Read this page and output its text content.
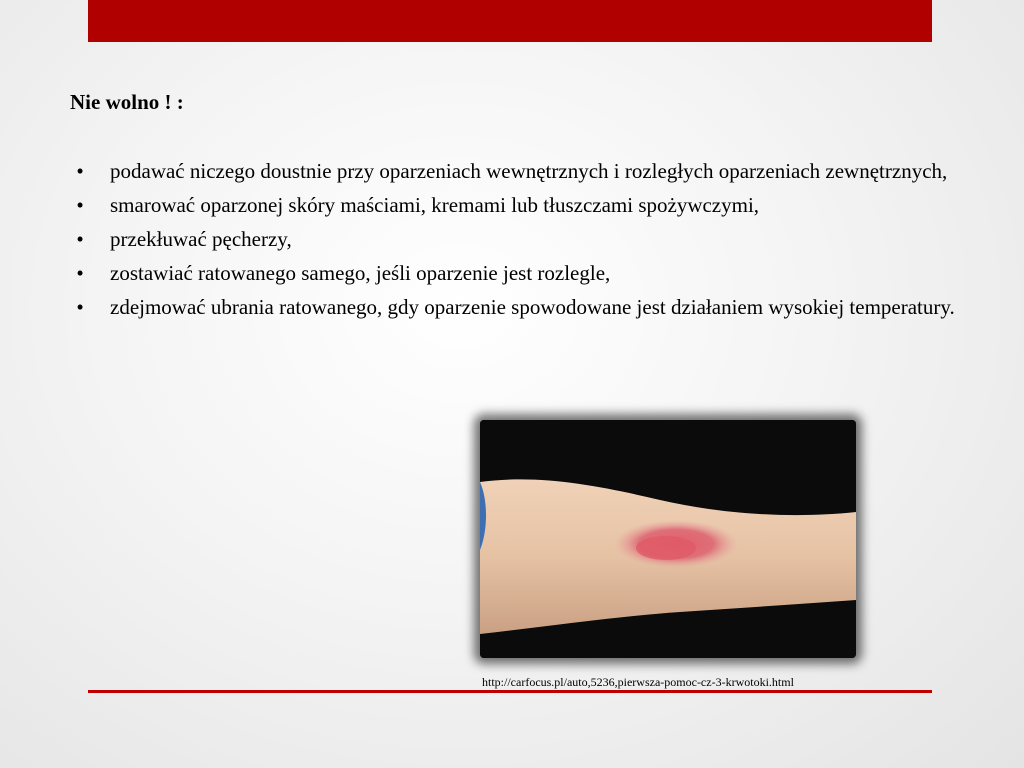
Nie wolno ! :
•	podawać niczego doustnie przy oparzeniach wewnętrznych i rozległych oparzeniach zewnętrznych,
•	smarować oparzonej skóry maściami, kremami lub tłuszczami spożywczymi,
•	przekłuwać pęcherzy,
•	zostawiać ratowanego samego, jeśli oparzenie jest rozlegle,
•	zdejmować ubrania ratowanego, gdy oparzenie spowodowane jest działaniem wysokiej temperatury.
http://carfocus.pl/auto,5236,pierwsza-pomoc-cz-3-krwotoki.html
